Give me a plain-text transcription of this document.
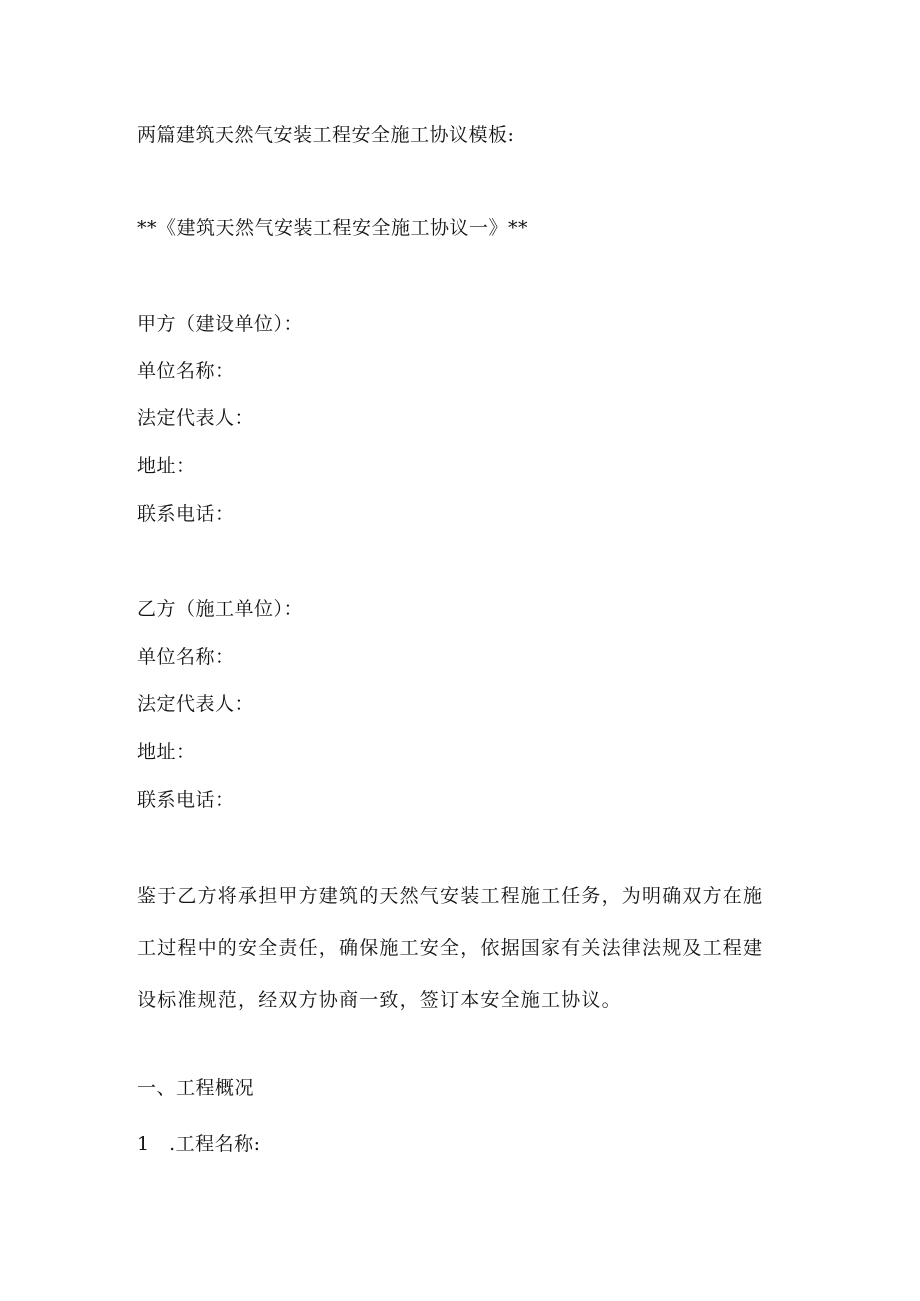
两篇建筑天然气安装工程安全施工协议模板:
**《建筑天然气安装工程安全施工协议一》**
甲方（建设单位）：
单位名称：
法定代表人：
地址：
联系电话：
乙方（施工单位）：
单位名称：
法定代表人：
地址：
联系电话：
鉴于乙方将承担甲方建筑的天然气安装工程施工任务，为明确双方在施
工过程中的安全责任，确保施工安全，依据国家有关法律法规及工程建
设标准规范，经双方协商一致，签订本安全施工协议。
一、工程概况
1　.工程名称:
